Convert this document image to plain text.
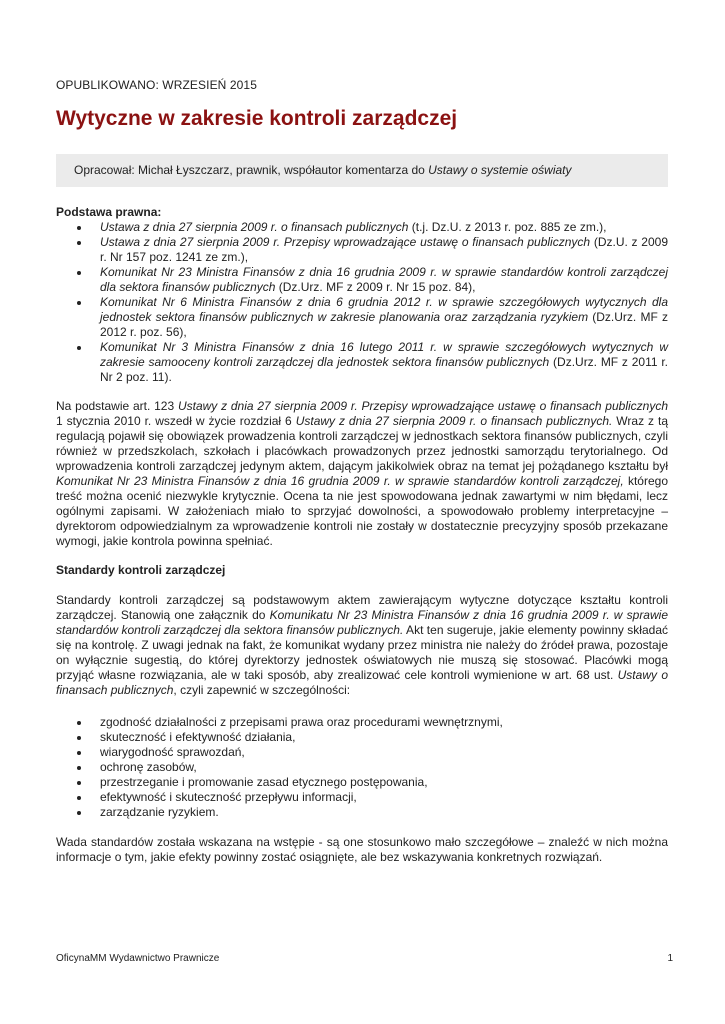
OPUBLIKOWANO: WRZESIEŃ 2015
Wytyczne w zakresie kontroli zarządczej
Opracował: Michał Łyszczarz, prawnik, współautor komentarza do Ustawy o systemie oświaty

Podstawa prawna:

Ustawa z dnia 27 sierpnia 2009 r. o finansach publicznych (t.j. Dz.U. z 2013 r. poz. 885 ze zm.),
Ustawa z dnia 27 sierpnia 2009 r. Przepisy wprowadzające ustawę o finansach publicznych (Dz.U. z 2009 r. Nr 157 poz. 1241 ze zm.),
Komunikat Nr 23 Ministra Finansów z dnia 16 grudnia 2009 r. w sprawie standardów kontroli zarządczej dla sektora finansów publicznych (Dz.Urz. MF z 2009 r. Nr 15 poz. 84),
Komunikat Nr 6 Ministra Finansów z dnia 6 grudnia 2012 r. w sprawie szczegółowych wytycznych dla jednostek sektora finansów publicznych w zakresie planowania oraz zarządzania ryzykiem (Dz.Urz. MF z 2012 r. poz. 56),
Komunikat Nr 3 Ministra Finansów z dnia 16 lutego 2011 r. w sprawie szczegółowych wytycznych w zakresie samooceny kontroli zarządczej dla jednostek sektora finansów publicznych (Dz.Urz. MF z 2011 r. Nr 2 poz. 11).

Na podstawie art. 123 Ustawy z dnia 27 sierpnia 2009 r. Przepisy wprowadzające ustawę o finansach publicznych 1 stycznia 2010 r. wszedł w życie rozdział 6 Ustawy z dnia 27 sierpnia 2009 r. o finansach publicznych. Wraz z tą regulacją pojawił się obowiązek prowadzenia kontroli zarządczej w jednostkach sektora finansów publicznych, czyli również w przedszkolach, szkołach i placówkach prowadzonych przez jednostki samorządu terytorialnego. Od wprowadzenia kontroli zarządczej jedynym aktem, dającym jakikolwiek obraz na temat jej pożądanego kształtu był Komunikat Nr 23 Ministra Finansów z dnia 16 grudnia 2009 r. w sprawie standardów kontroli zarządczej, którego treść można ocenić niezwykle krytycznie. Ocena ta nie jest spowodowana jednak zawartymi w nim błędami, lecz ogólnymi zapisami. W założeniach miało to sprzyjać dowolności, a spowodowało problemy interpretacyjne – dyrektorom odpowiedzialnym za wprowadzenie kontroli nie zostały w dostatecznie precyzyjny sposób przekazane wymogi, jakie kontrola powinna spełniać.

Standardy kontroli zarządczej

Standardy kontroli zarządczej są podstawowym aktem zawierającym wytyczne dotyczące kształtu kontroli zarządczej. Stanowią one załącznik do Komunikatu Nr 23 Ministra Finansów z dnia 16 grudnia 2009 r. w sprawie standardów kontroli zarządczej dla sektora finansów publicznych. Akt ten sugeruje, jakie elementy powinny składać się na kontrolę. Z uwagi jednak na fakt, że komunikat wydany przez ministra nie należy do źródeł prawa, pozostaje on wyłącznie sugestią, do której dyrektorzy jednostek oświatowych nie muszą się stosować. Placówki mogą przyjąć własne rozwiązania, ale w taki sposób, aby zrealizować cele kontroli wymienione w art. 68 ust. Ustawy o finansach publicznych, czyli zapewnić w szczególności:

zgodność działalności z przepisami prawa oraz procedurami wewnętrznymi,
skuteczność i efektywność działania,
wiarygodność sprawozdań,
ochronę zasobów,
przestrzeganie i promowanie zasad etycznego postępowania,
efektywność i skuteczność przepływu informacji,
zarządzanie ryzykiem.

Wada standardów została wskazana na wstępie - są one stosunkowo mało szczegółowe – znaleźć w nich można informacje o tym, jakie efekty powinny zostać osiągnięte, ale bez wskazywania konkretnych rozwiązań.

OficynaMM Wydawnictwo Prawnicze	1
